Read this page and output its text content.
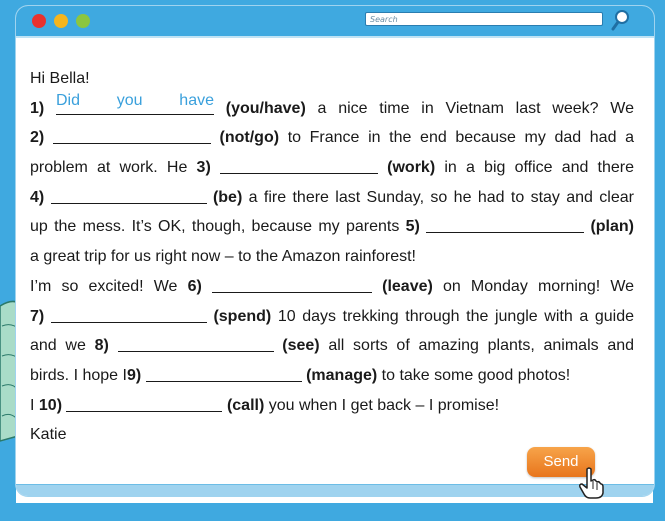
Search
Hi Bella!
1) Did you have (you/have) a nice time in Vietnam last week? We
2)	(not/go) to France in the end because my dad had a
problem at work. He 3)	(work) in a big office and there
4)	(be) a fire there last Sunday, so he had to stay and clear
up the mess. It’s OK, though, because my parents 5)	(plan)
a great trip for us right now – to the Amazon rainforest!
I’m so excited! We 6)	(leave) on Monday morning! We
7)	(spend) 10 days trekking through the jungle with a guide
and we 8)	(see) all sorts of amazing plants, animals and
birds. I hope I9)	(manage) to take some good photos!
I 10)	(call) you when I get back – I promise!
Katie
Send
